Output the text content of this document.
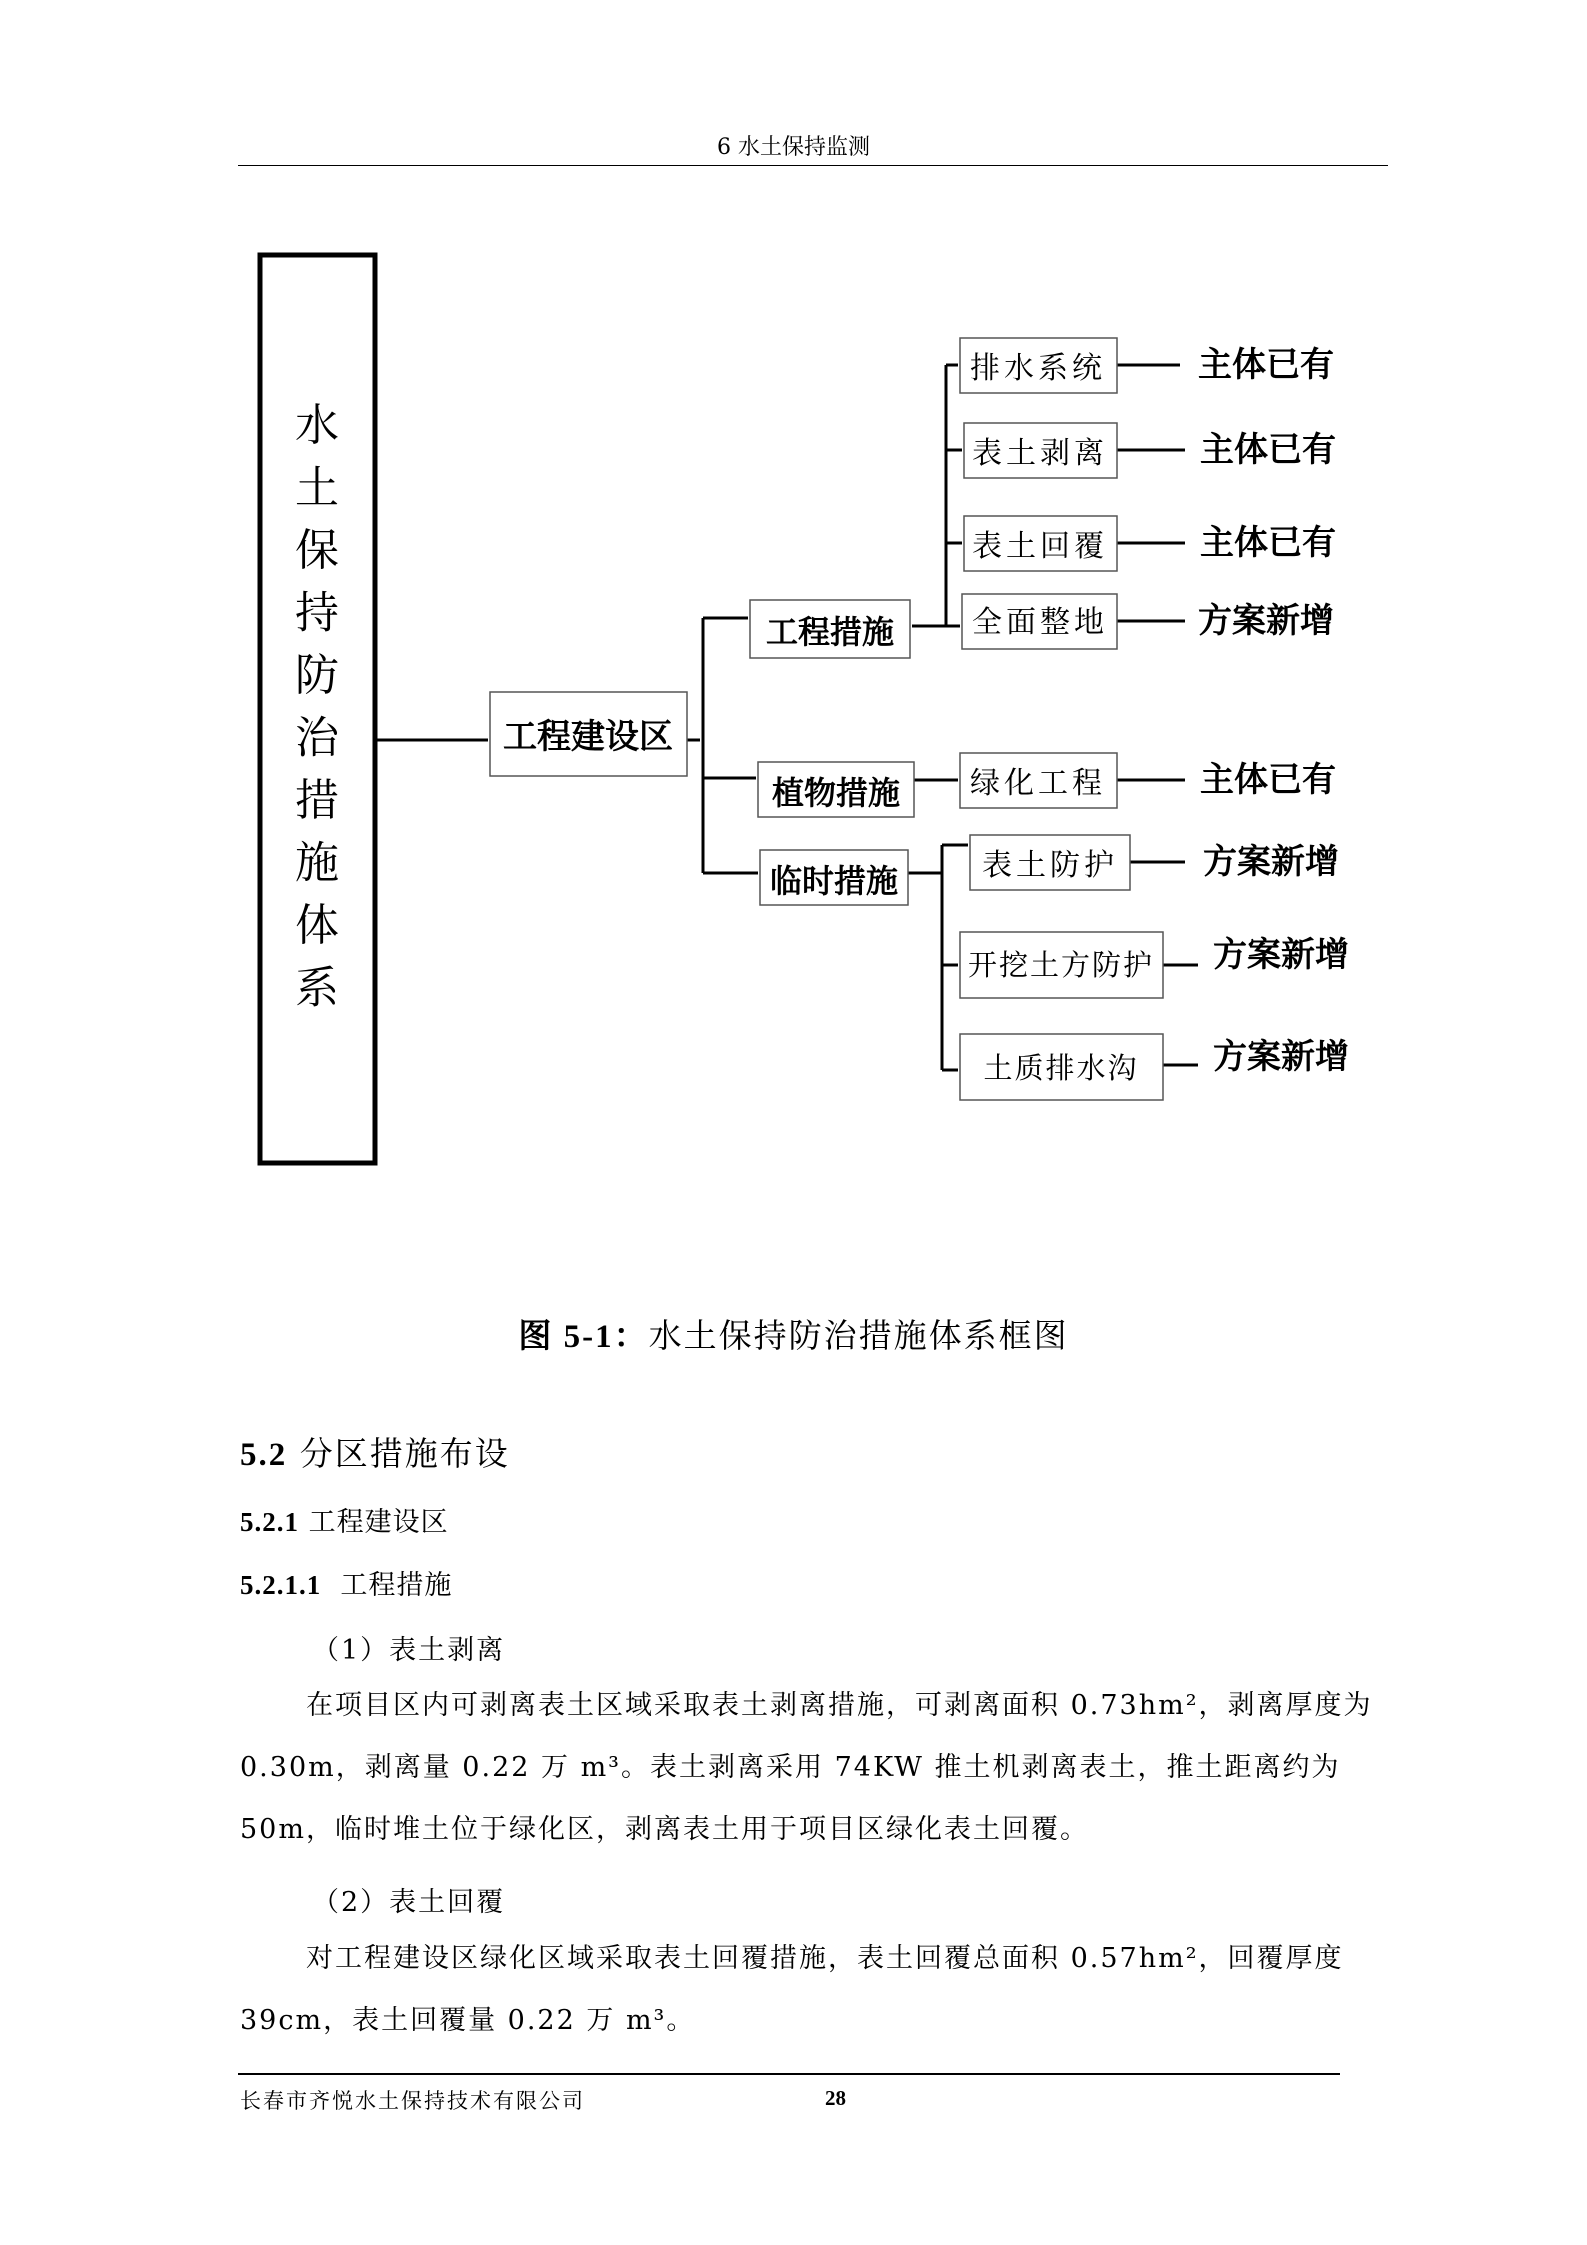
6 水土保持监测
水土保持防治措施体系
工程建设区
工程措施
植物措施
临时措施
排水系统	主体已有
表土剥离	主体已有
表土回覆	主体已有
全面整地	方案新增
绿化工程	主体已有
表土防护	方案新增
开挖土方防护 方案新增
土质排水沟 方案新增
图 5-1：水土保持防治措施体系框图
5.2 分区措施布设
5.2.1 工程建设区
5.2.1.1 工程措施
（1）表土剥离

在项目区内可剥离表土区域采取表土剥离措施，可剥离面积 0.73hm²，剥离厚度为 0.30m，剥离量 0.22 万 m³。表土剥离采用 74KW 推土机剥离表土，推土距离约为 50m，临时堆土位于绿化区，剥离表土用于项目区绿化表土回覆。

（2）表土回覆

对工程建设区绿化区域采取表土回覆措施，表土回覆总面积 0.57hm²，回覆厚度 39cm，表土回覆量 0.22 万 m³。

长春市齐悦水土保持技术有限公司	28
